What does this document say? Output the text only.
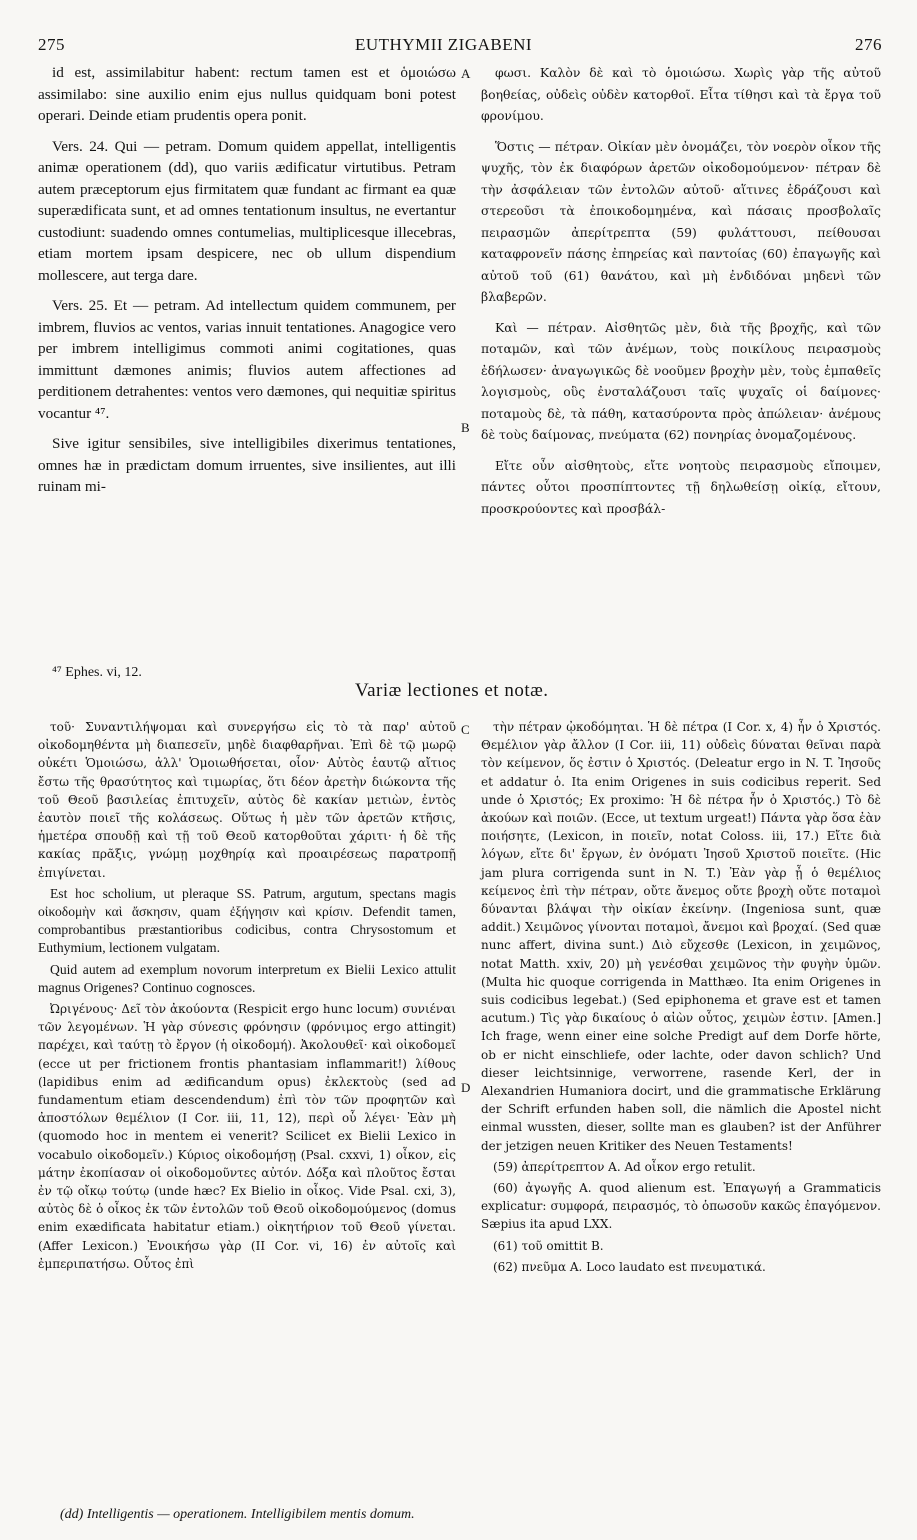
275	EUTHYMII ZIGABENI	276

id est, assimilabitur habent: rectum tamen est et ὁμοιώσω assimilabo: sine auxilio enim ejus nullus quidquam boni potest operari. Deinde etiam prudentis opera ponit.

Vers. 24. Qui — petram. Domum quidem appellat, intelligentis animæ operationem (dd), quo variis ædificatur virtutibus. Petram autem præceptorum ejus firmitatem quæ fundant ac firmant ea quæ superædificata sunt, et ad omnes tentationum insultus, ne evertantur custodiunt: suadendo omnes contumelias, multiplicesque illecebras, etiam mortem ipsam despicere, nec ob ullum dispendium mollescere, aut terga dare.

Vers. 25. Et — petram. Ad intellectum quidem communem, per imbrem, fluvios ac ventos, varias innuit tentationes. Anagogice vero per imbrem intelligimus commoti animi cogitationes, quas immittunt dæmones animis; fluvios autem affectiones ad perditionem detrahentes: ventos vero dæmones, qui nequitiæ spiritus vocantur ⁴⁷.

Sive igitur sensibiles, sive intelligibiles dixerimus tentationes, omnes hæ in prædictam domum irruentes, sive insilientes, aut illi ruinam mi-

A
B

φωσι. Καλὸν δὲ καὶ τὸ ὁμοιώσω. Χωρὶς γὰρ τῆς αὐτοῦ βοηθείας, οὐδεὶς οὐδὲν κατορθοῖ. Εἶτα τίθησι καὶ τὰ ἔργα τοῦ φρονίμου.

Ὅστις — πέτραν. Οἰκίαν μὲν ὀνομάζει, τὸν νοερὸν οἶκον τῆς ψυχῆς, τὸν ἐκ διαφόρων ἀρετῶν οἰκοδομούμενον· πέτραν δὲ τὴν ἀσφάλειαν τῶν ἐντολῶν αὐτοῦ· αἵτινες ἑδράζουσι καὶ στερεοῦσι τὰ ἐποικοδομημένα, καὶ πάσαις προσβολαῖς πειρασμῶν ἀπερίτρεπτα (59) φυλάττουσι, πείθουσαι καταφρονεῖν πάσης ἐπηρείας καὶ παντοίας (60) ἐπαγωγῆς καὶ αὐτοῦ τοῦ (61) θανάτου, καὶ μὴ ἐνδιδόναι μηδενὶ τῶν βλαβερῶν.

Καὶ — πέτραν. Αἰσθητῶς μὲν, διὰ τῆς βροχῆς, καὶ τῶν ποταμῶν, καὶ τῶν ἀνέμων, τοὺς ποικίλους πειρασμοὺς ἐδήλωσεν· ἀναγωγικῶς δὲ νοοῦμεν βροχὴν μὲν, τοὺς ἐμπαθεῖς λογισμοὺς, οὓς ἐνσταλάζουσι ταῖς ψυχαῖς οἱ δαίμονες· ποταμοὺς δὲ, τὰ πάθη, κατασύροντα πρὸς ἀπώλειαν· ἀνέμους δὲ τοὺς δαίμονας, πνεύματα (62) πονηρίας ὀνομαζομένους.

Εἴτε οὖν αἰσθητοὺς, εἴτε νοητοὺς πειρασμοὺς εἴποιμεν, πάντες οὗτοι προσπίπτοντες τῇ δηλωθείσῃ οἰκίᾳ, εἴτουν, προσκρούοντες καὶ προσβάλ-

⁴⁷ Ephes. vi, 12.
Variæ lectiones et notæ.

τοῦ· Συναντιλήψομαι καὶ συνεργήσω εἰς τὸ τὰ παρ' αὐτοῦ οἰκοδομηθέντα μὴ διαπεσεῖν, μηδὲ διαφθαρῆναι. Ἐπὶ δὲ τῷ μωρῷ οὐκέτι Ὁμοιώσω, ἀλλ' Ὁμοιωθήσεται, οἷον· Αὐτὸς ἑαυτῷ αἴτιος ἔστω τῆς θρασύτητος καὶ τιμωρίας, ὅτι δέον ἀρετὴν διώκοντα τῆς τοῦ Θεοῦ βασιλείας ἐπιτυχεῖν, αὐτὸς δὲ κακίαν μετιὼν, ἐντὸς ἑαυτὸν ποιεῖ τῆς κολάσεως. Οὕτως ἡ μὲν τῶν ἀρετῶν κτῆσις, ἡμετέρα σπουδῇ καὶ τῇ τοῦ Θεοῦ κατορθοῦται χάριτι· ἡ δὲ τῆς κακίας πρᾶξις, γνώμῃ μοχθηρίᾳ καὶ προαιρέσεως παρατροπῇ ἐπιγίνεται.

Est hoc scholium, ut pleraque SS. Patrum, argutum, spectans magis οἰκοδομὴν καὶ ἄσκησιν, quam ἐξήγησιν καὶ κρίσιν. Defendit tamen, comprobantibus præstantioribus codicibus, contra Chrysostomum et Euthymium, lectionem vulgatam.

Quid autem ad exemplum novorum interpretum ex Bielii Lexico attulit magnus Origenes? Continuo cognosces.

Ὠριγένους· Δεῖ τὸν ἀκούοντα (Respicit ergo hunc locum) συνιέναι τῶν λεγομένων. Ἡ γὰρ σύνεσις φρόνησιν (φρόνιμος ergo attingit) παρέχει, καὶ ταύτῃ τὸ ἔργον (ἡ οἰκοδομή). Ἀκολουθεῖ· καὶ οἰκοδομεῖ (ecce ut per frictionem frontis phantasiam inflammarit!) λίθους (lapidibus enim ad ædificandum opus) ἐκλεκτοὺς (sed ad fundamentum etiam descendendum) ἐπὶ τὸν τῶν προφητῶν καὶ ἀποστόλων θεμέλιον (I Cor. iii, 11, 12), περὶ οὗ λέγει· Ἐὰν μὴ (quomodo hoc in mentem ei venerit? Scilicet ex Bielii Lexico in vocabulo οἰκοδομεῖν.) Κύριος οἰκοδομήσῃ (Psal. cxxvi, 1) οἶκον, εἰς μάτην ἐκοπίασαν οἱ οἰκοδομοῦντες αὐτόν. Δόξα καὶ πλοῦτος ἔσται ἐν τῷ οἴκῳ τούτῳ (unde hæc? Ex Bielio in οἶκος. Vide Psal. cxi, 3), αὐτὸς δὲ ὁ οἶκος ἐκ τῶν ἐντολῶν τοῦ Θεοῦ οἰκοδομούμενος (domus enim exædificata habitatur etiam.) οἰκητήριον τοῦ Θεοῦ γίνεται. (Affer Lexicon.) Ἐνοικήσω γὰρ (II Cor. vi, 16) ἐν αὐτοῖς καὶ ἐμπεριπατήσω. Οὗτος ἐπὶ

C
D

τὴν πέτραν ᾠκοδόμηται. Ἡ δὲ πέτρα (I Cor. x, 4) ἦν ὁ Χριστός. Θεμέλιον γὰρ ἄλλον (I Cor. iii, 11) οὐδεὶς δύναται θεῖναι παρὰ τὸν κείμενον, ὅς ἐστιν ὁ Χριστός. (Deleatur ergo in N. T. Ἰησοῦς et addatur ὁ. Ita enim Origenes in suis codicibus reperit. Sed unde ὁ Χριστός; Ex proximo: Ἡ δὲ πέτρα ἦν ὁ Χριστός.) Τὸ δὲ ἀκούων καὶ ποιῶν. (Ecce, ut textum urgeat!) Πάντα γὰρ ὅσα ἐὰν ποιήσητε, (Lexicon, in ποιεῖν, notat Coloss. iii, 17.) Εἴτε διὰ λόγων, εἴτε δι' ἔργων, ἐν ὀνόματι Ἰησοῦ Χριστοῦ ποιεῖτε. (Hic jam plura corrigenda sunt in N. T.) Ἐὰν γὰρ ᾖ ὁ θεμέλιος κείμενος ἐπὶ τὴν πέτραν, οὔτε ἄνεμος οὔτε βροχὴ οὔτε ποταμοὶ δύνανται βλάψαι τὴν οἰκίαν ἐκείνην. (Ingeniosa sunt, quæ addit.) Χειμῶνος γίνονται ποταμοὶ, ἄνεμοι καὶ βροχαί. (Sed quæ nunc affert, divina sunt.) Διὸ εὔχεσθε (Lexicon, in χειμῶνος, notat Matth. xxiv, 20) μὴ γενέσθαι χειμῶνος τὴν φυγὴν ὑμῶν. (Multa hic quoque corrigenda in Matthæo. Ita enim Origenes in suis codicibus legebat.) (Sed epiphonema et grave est et tamen acutum.) Τὶς γὰρ δικαίους ὁ αἰὼν οὗτος, χειμὼν ἐστιν. [Amen.] Ich frage, wenn einer eine solche Predigt auf dem Dorfe hörte, ob er nicht einschliefe, oder lachte, oder davon schlich? Und dieser leichtsinnige, verworrene, rasende Kerl, der in Alexandrien Humaniora docirt, und die grammatische Erklärung der Schrift erfunden haben soll, die nämlich die Apostel nicht einmal wussten, dieser, sollte man es glauben? ist der Anführer der jetzigen neuen Kritiker des Neuen Testaments!

(59) ἀπερίτρεπτον A. Ad οἶκον ergo retulit.

(60) ἀγωγῆς A. quod alienum est. Ἐπαγωγή a Grammaticis explicatur: συμφορά, πειρασμός, τὸ ὁπωσοῦν κακῶς ἐπαγόμενον. Sæpius ita apud LXX.

(61) τοῦ omittit B.

(62) πνεῦμα A. Loco laudato est πνευματικά.

(dd) Intelligentis — operationem. Intelligibilem mentis domum.
